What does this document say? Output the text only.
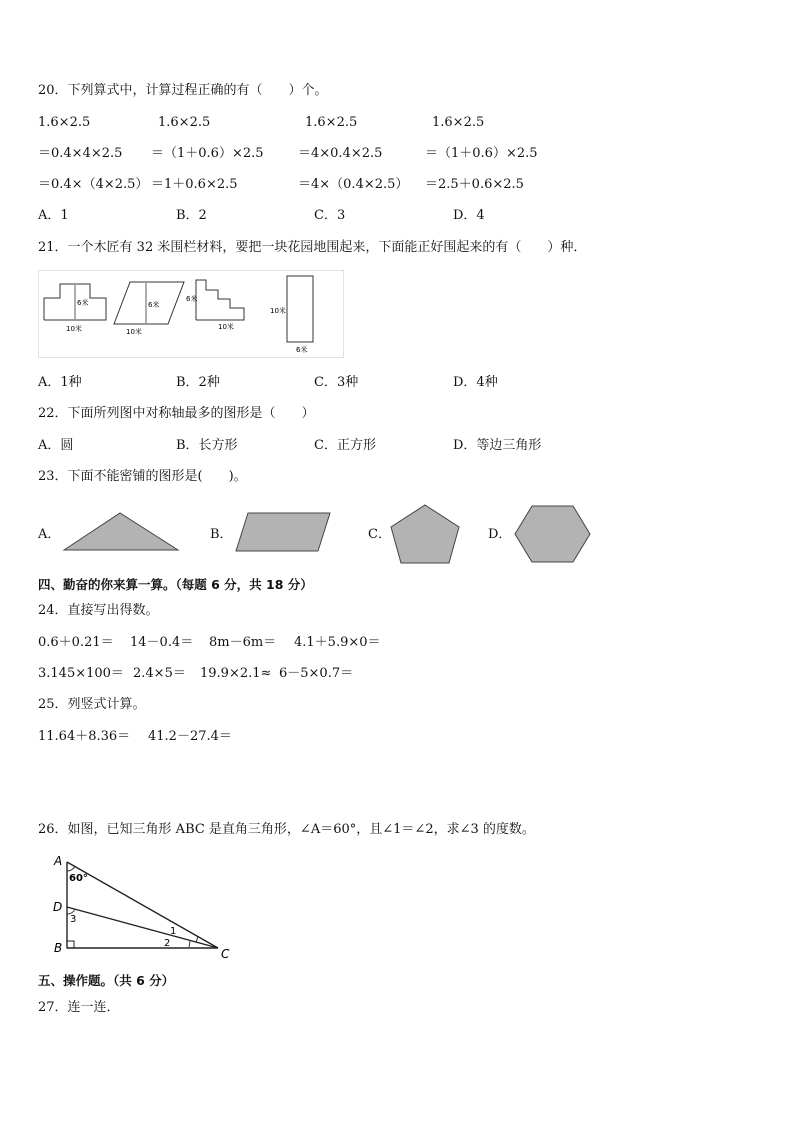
20．下列算式中，计算过程正确的有（　　）个。
1.6×2.5	1.6×2.5	1.6×2.5	1.6×2.5
＝0.4×4×2.5 ＝（1＋0.6）×2.5	＝4×0.4×2.5	＝（1＋0.6）×2.5
＝0.4×（4×2.5） ＝1＋0.6×2.5	＝4×（0.4×2.5） ＝2.5＋0.6×2.5
A．1	B．2	C．3	D．4
21．一个木匠有 32 米围栏材料，要把一块花园地围起来，下面能正好围起来的有（　　）种．
6米
10米
6米
10米
6米
10米
10米
6米
A．1种	B．2种	C．3种	D．4种
22．下面所列图中对称轴最多的图形是（　　）
A．圆	B．长方形	C．正方形	D．等边三角形
23．下面不能密铺的图形是(　　)。
A．	B．	C．	D．
四、勤奋的你来算一算。（每题 6 分，共 18 分）
24．直接写出得数。
0.6＋0.21＝ 14－0.4＝ 8m－6m＝ 4.1＋5.9×0＝
3.145×100＝ 2.4×5＝ 19.9×2.1≈ 6－5×0.7＝
25．列竖式计算。
11.64＋8.36＝ 41.2－27.4＝
26．如图，已知三角形 ABC 是直角三角形，∠A＝60°，且∠1＝∠2，求∠3 的度数。
A
60°
D
3
B
1
2
C
五、操作题。（共 6 分）
27．连一连．
